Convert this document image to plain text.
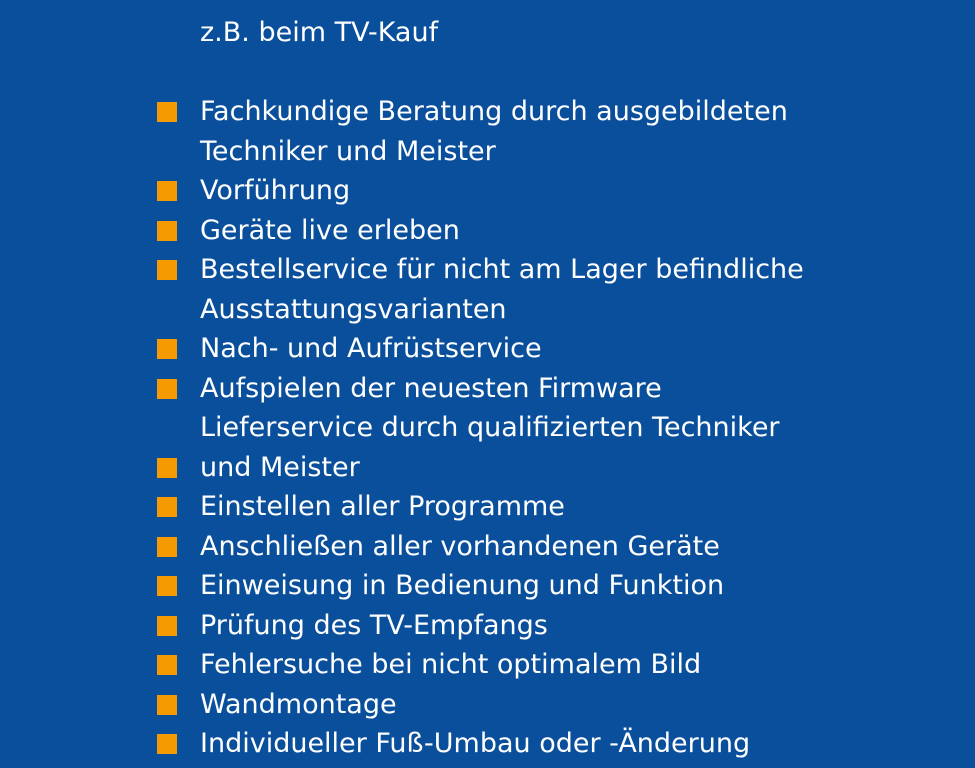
z.B. beim TV-Kauf
Fachkundige Beratung durch ausgebildeten
Techniker und Meister
Vorführung
Geräte live erleben
Bestellservice für nicht am Lager befindliche
Ausstattungsvarianten
Nach- und Aufrüstservice
Aufspielen der neuesten Firmware
Lieferservice durch qualifizierten Techniker
und Meister
Einstellen aller Programme
Anschließen aller vorhandenen Geräte
Einweisung in Bedienung und Funktion
Prüfung des TV-Empfangs
Fehlersuche bei nicht optimalem Bild
Wandmontage
Individueller Fuß-Umbau oder -Änderung
